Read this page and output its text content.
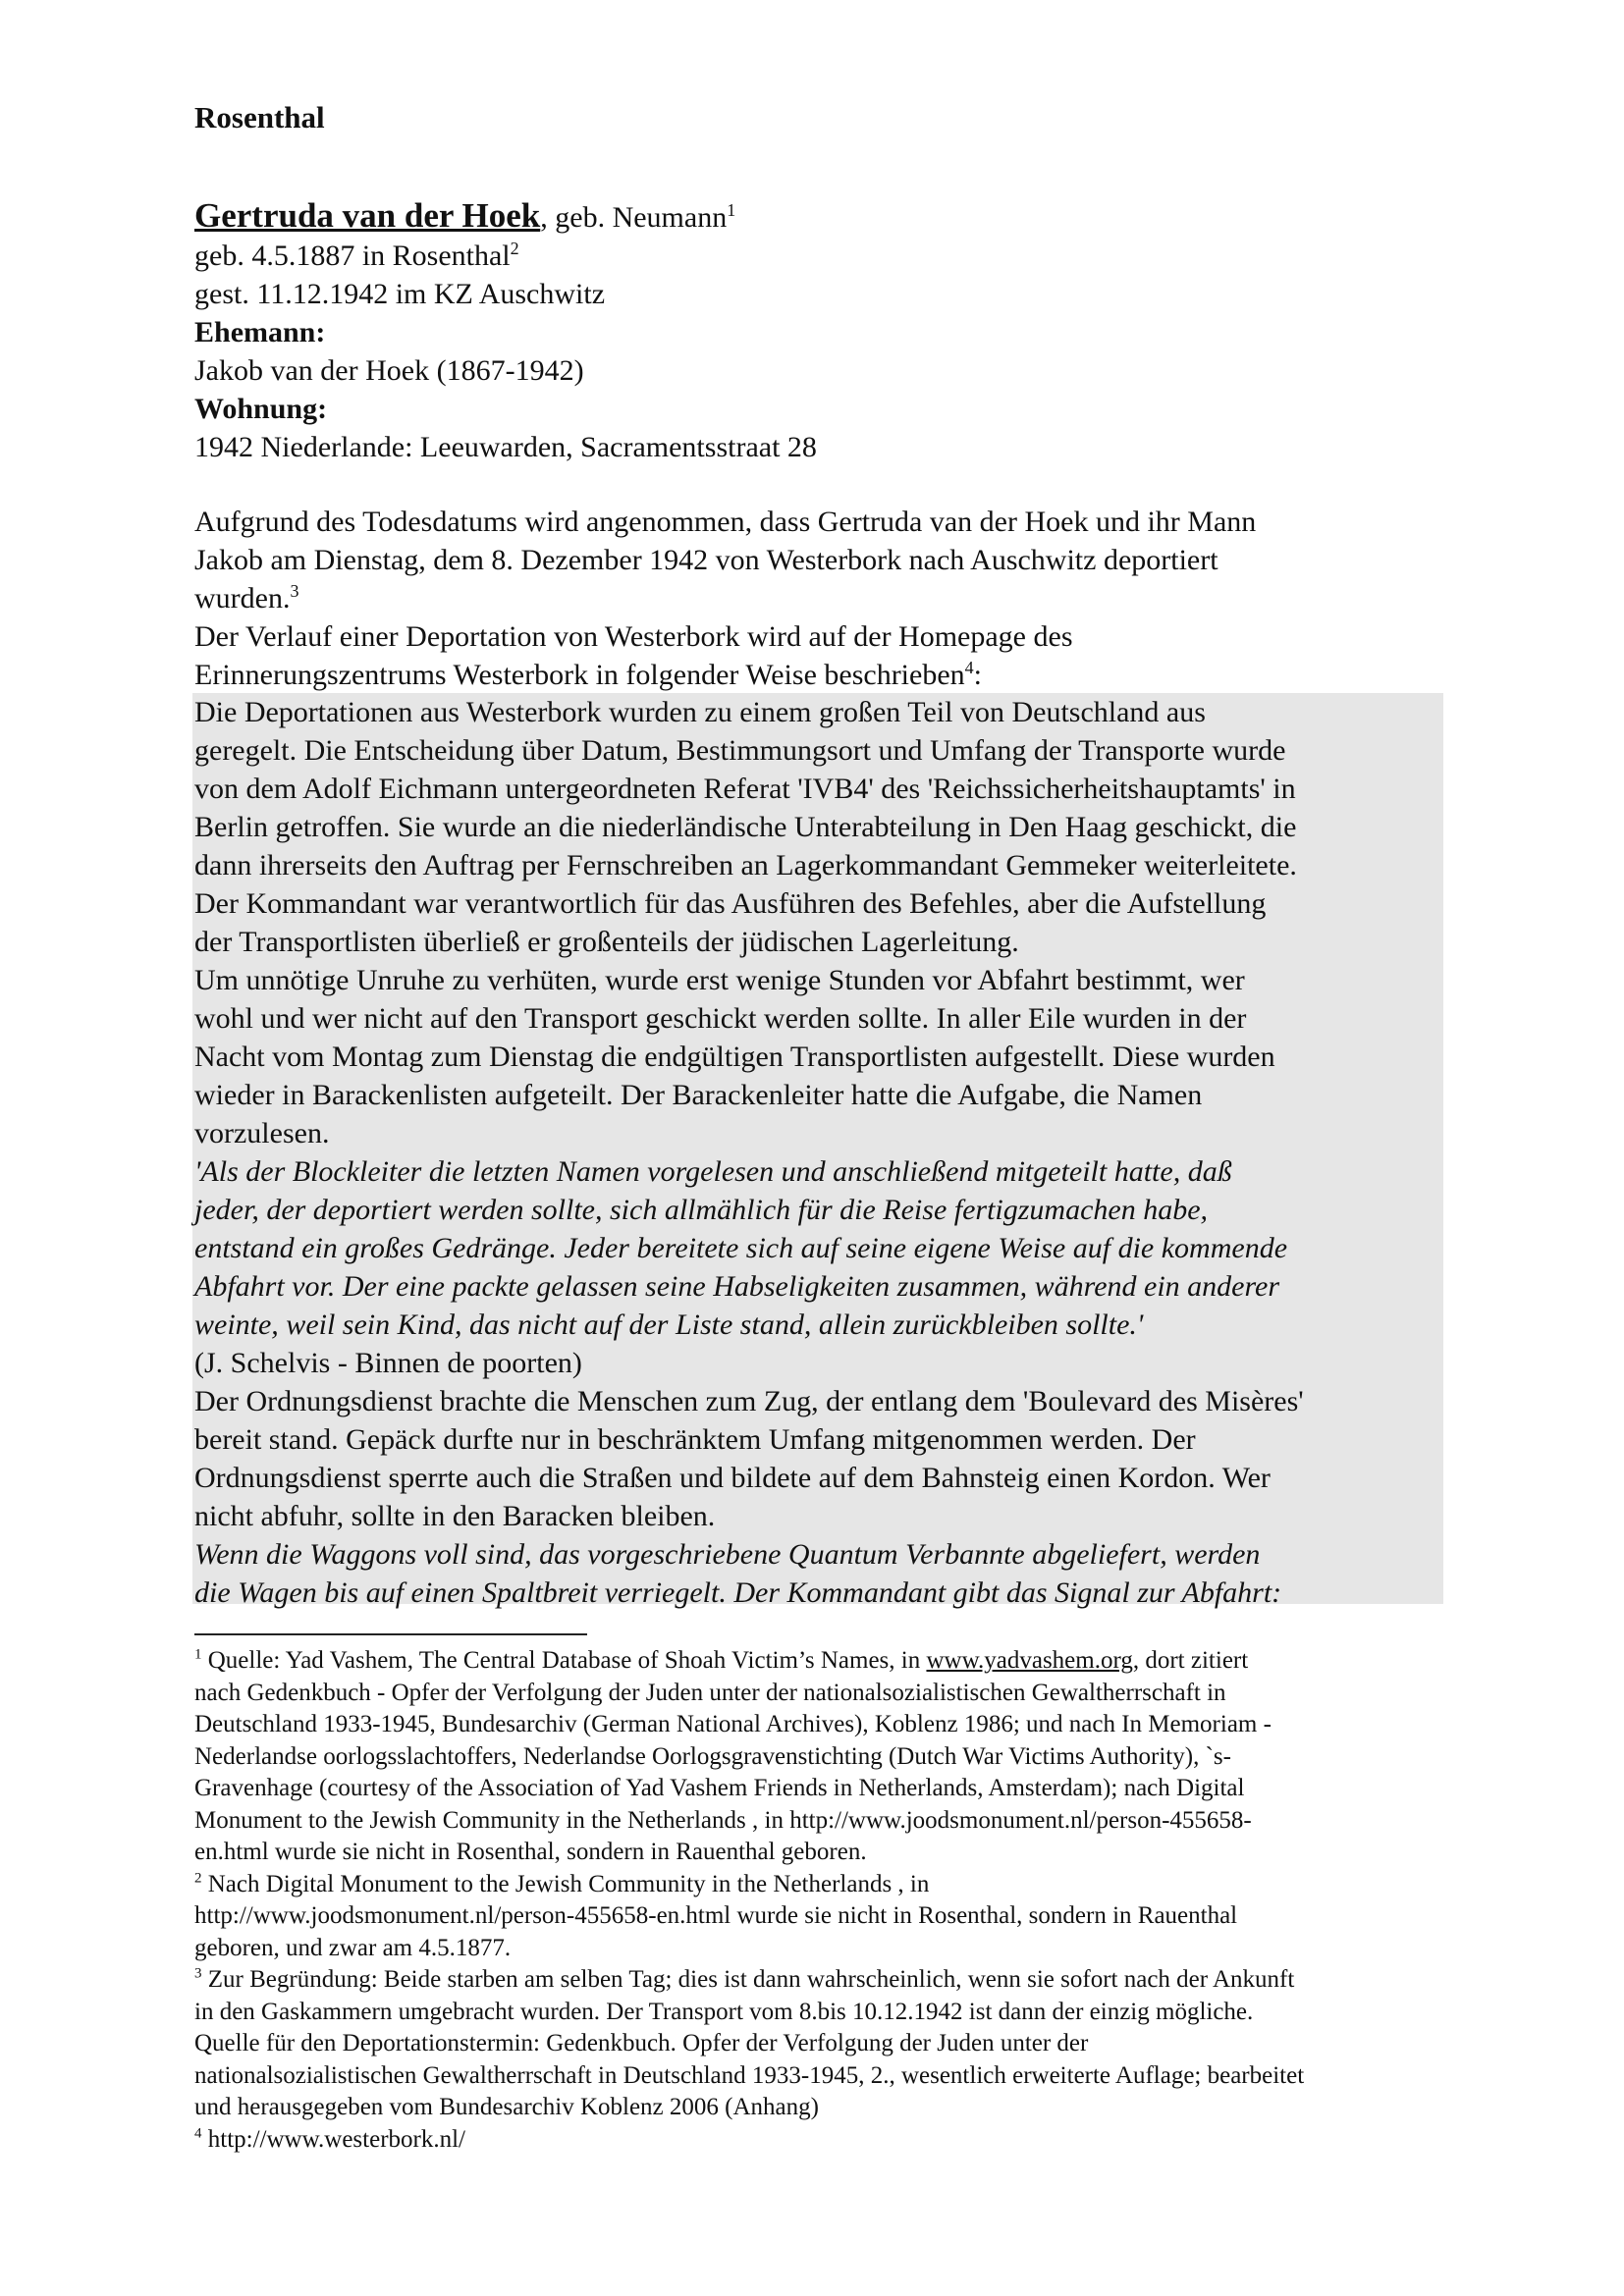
Rosenthal
Gertruda van der Hoek, geb. Neumann$^1$
geb. 4.5.1887 in Rosenthal$^2$
gest. 11.12.1942 im KZ Auschwitz
Ehemann:
Jakob van der Hoek (1867-1942)
Wohnung:
1942 Niederlande: Leeuwarden, Sacramentsstraat 28
Aufgrund des Todesdatums wird angenommen, dass Gertruda van der Hoek und ihr Mann
Jakob am Dienstag, dem 8. Dezember 1942 von Westerbork nach Auschwitz deportiert
wurden.$^3$
Der Verlauf einer Deportation von Westerbork wird auf der Homepage des
Erinnerungszentrums Westerbork in folgender Weise beschrieben$^4$:
Die Deportationen aus Westerbork wurden zu einem großen Teil von Deutschland aus
geregelt. Die Entscheidung über Datum, Bestimmungsort und Umfang der Transporte wurde
von dem Adolf Eichmann untergeordneten Referat 'IVB4' des 'Reichssicherheitshauptamts' in
Berlin getroffen. Sie wurde an die niederländische Unterabteilung in Den Haag geschickt, die
dann ihrerseits den Auftrag per Fernschreiben an Lagerkommandant Gemmeker weiterleitete.
Der Kommandant war verantwortlich für das Ausführen des Befehles, aber die Aufstellung
der Transportlisten überließ er großenteils der jüdischen Lagerleitung.
Um unnötige Unruhe zu verhüten, wurde erst wenige Stunden vor Abfahrt bestimmt, wer
wohl und wer nicht auf den Transport geschickt werden sollte. In aller Eile wurden in der
Nacht vom Montag zum Dienstag die endgültigen Transportlisten aufgestellt. Diese wurden
wieder in Barackenlisten aufgeteilt. Der Barackenleiter hatte die Aufgabe, die Namen
vorzulesen.
'Als der Blockleiter die letzten Namen vorgelesen und anschließend mitgeteilt hatte, daß
jeder, der deportiert werden sollte, sich allmählich für die Reise fertigzumachen habe,
entstand ein großes Gedränge. Jeder bereitete sich auf seine eigene Weise auf die kommende
Abfahrt vor. Der eine packte gelassen seine Habseligkeiten zusammen, während ein anderer
weinte, weil sein Kind, das nicht auf der Liste stand, allein zurückbleiben sollte.'
(J. Schelvis - Binnen de poorten)
Der Ordnungsdienst brachte die Menschen zum Zug, der entlang dem 'Boulevard des Misères'
bereit stand. Gepäck durfte nur in beschränktem Umfang mitgenommen werden. Der
Ordnungsdienst sperrte auch die Straßen und bildete auf dem Bahnsteig einen Kordon. Wer
nicht abfuhr, sollte in den Baracken bleiben.
Wenn die Waggons voll sind, das vorgeschriebene Quantum Verbannte abgeliefert, werden
die Wagen bis auf einen Spaltbreit verriegelt. Der Kommandant gibt das Signal zur Abfahrt:
$^1$ Quelle: Yad Vashem, The Central Database of Shoah Victim’s Names, in www.yadvashem.org, dort zitiert
nach Gedenkbuch - Opfer der Verfolgung der Juden unter der nationalsozialistischen Gewaltherrschaft in
Deutschland 1933-1945, Bundesarchiv (German National Archives), Koblenz 1986; und nach In Memoriam -
Nederlandse oorlogsslachtoffers, Nederlandse Oorlogsgravenstichting (Dutch War Victims Authority), `s-
Gravenhage (courtesy of the Association of Yad Vashem Friends in Netherlands, Amsterdam); nach Digital
Monument to the Jewish Community in the Netherlands , in http://www.joodsmonument.nl/person-455658-
en.html wurde sie nicht in Rosenthal, sondern in Rauenthal geboren.
$^2$ Nach Digital Monument to the Jewish Community in the Netherlands , in
http://www.joodsmonument.nl/person-455658-en.html wurde sie nicht in Rosenthal, sondern in Rauenthal
geboren, und zwar am 4.5.1877.
$^3$ Zur Begründung: Beide starben am selben Tag; dies ist dann wahrscheinlich, wenn sie sofort nach der Ankunft
in den Gaskammern umgebracht wurden. Der Transport vom 8.bis 10.12.1942 ist dann der einzig mögliche.
Quelle für den Deportationstermin: Gedenkbuch. Opfer der Verfolgung der Juden unter der
nationalsozialistischen Gewaltherrschaft in Deutschland 1933-1945, 2., wesentlich erweiterte Auflage; bearbeitet
und herausgegeben vom Bundesarchiv Koblenz 2006 (Anhang)
$^4$ http://www.westerbork.nl/
